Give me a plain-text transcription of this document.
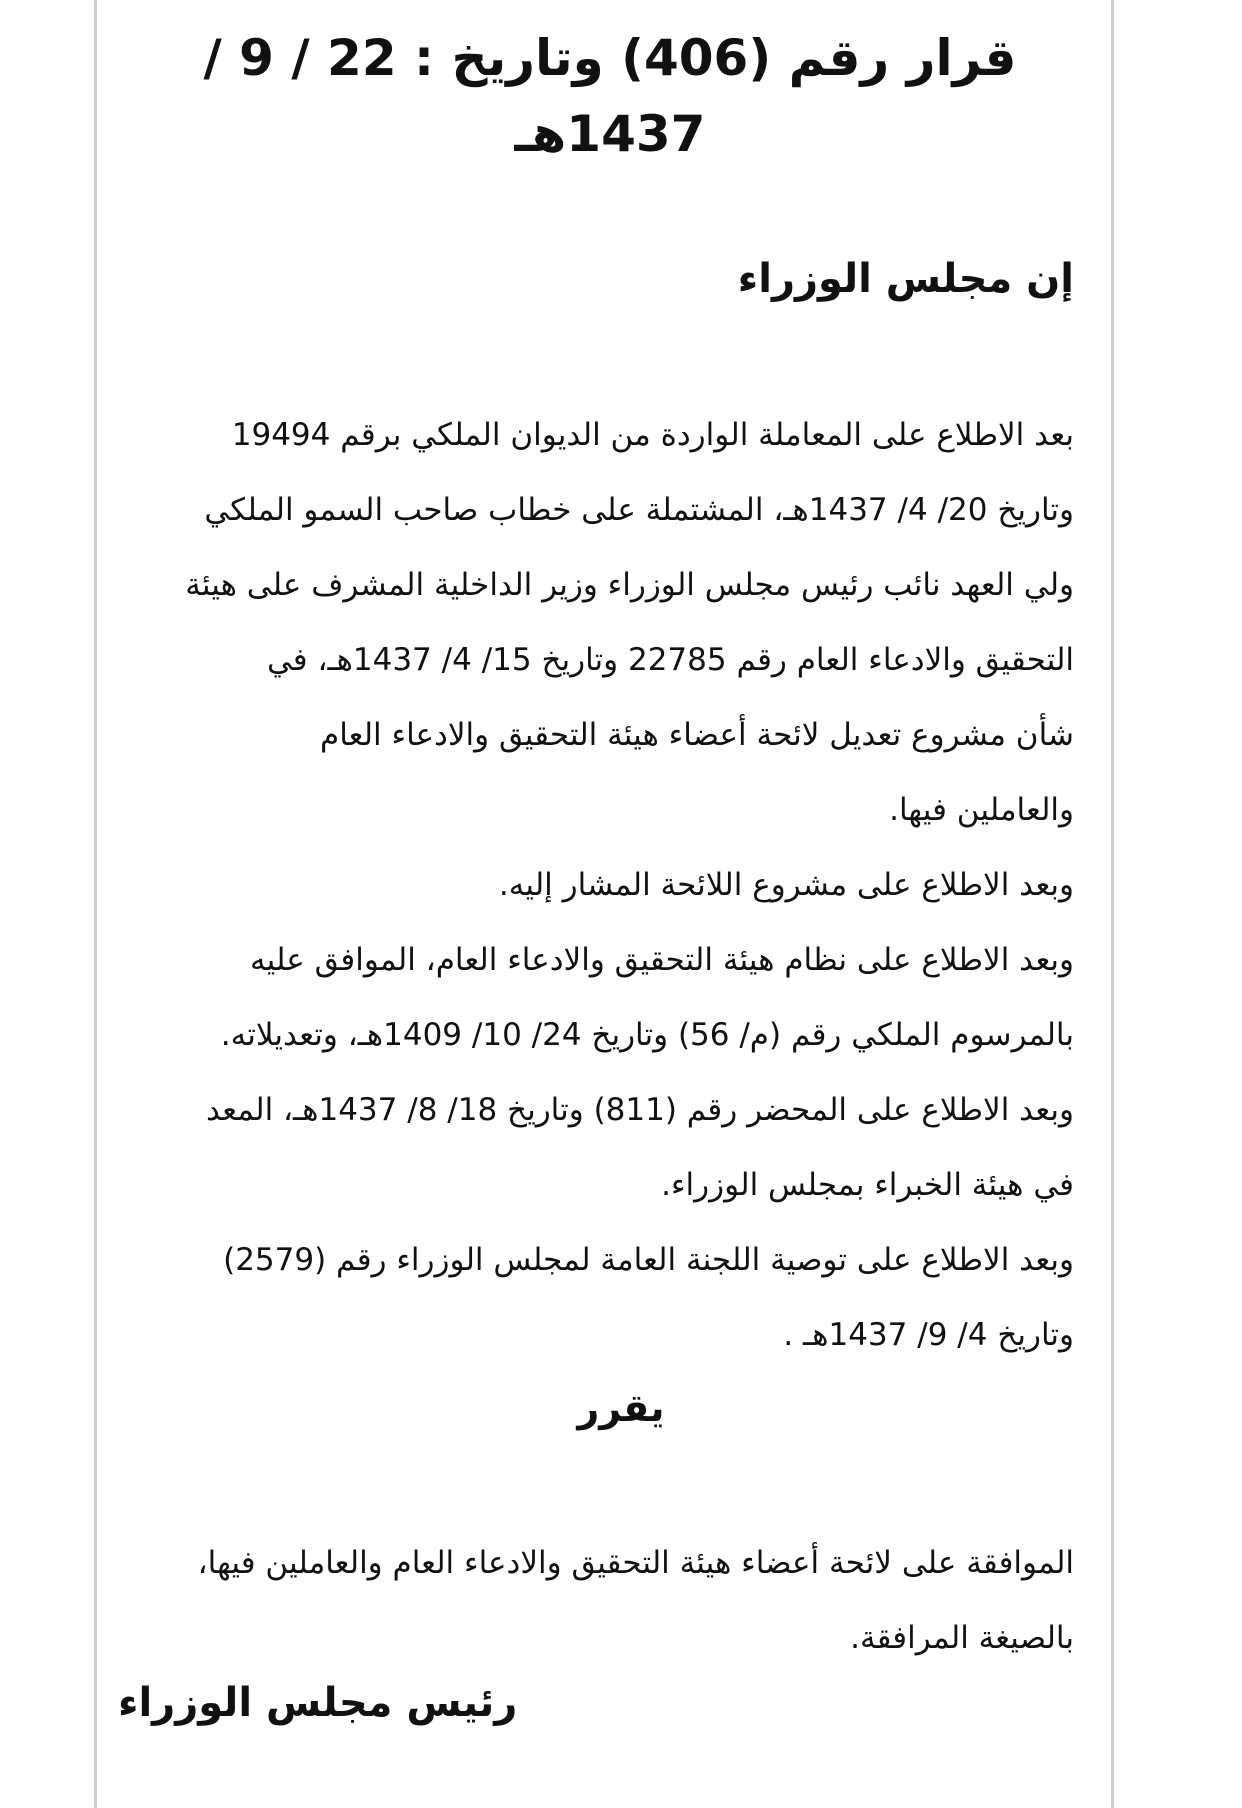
قرار رقم (406) وتاريخ : 22 / 9 /
1437هـ
إن مجلس الوزراء
بعد الاطلاع على المعاملة الواردة من الديوان الملكي برقم 19494
وتاريخ 20/ 4/ 1437هـ، المشتملة على خطاب صاحب السمو الملكي
ولي العهد نائب رئيس مجلس الوزراء وزير الداخلية المشرف على هيئة
التحقيق والادعاء العام رقم 22785 وتاريخ 15/ 4/ 1437هـ، في
شأن مشروع تعديل لائحة أعضاء هيئة التحقيق والادعاء العام
والعاملين فيها.
وبعد الاطلاع على مشروع اللائحة المشار إليه.
وبعد الاطلاع على نظام هيئة التحقيق والادعاء العام، الموافق عليه
بالمرسوم الملكي رقم (م/ 56) وتاريخ 24/ 10/ 1409هـ، وتعديلاته.
وبعد الاطلاع على المحضر رقم (811) وتاريخ 18/ 8/ 1437هـ، المعد
في هيئة الخبراء بمجلس الوزراء.
وبعد الاطلاع على توصية اللجنة العامة لمجلس الوزراء رقم (2579)
وتاريخ 4/ 9/ 1437هـ .
يقرر
الموافقة على لائحة أعضاء هيئة التحقيق والادعاء العام والعاملين فيها،
بالصيغة المرافقة.
رئيس مجلس الوزراء
